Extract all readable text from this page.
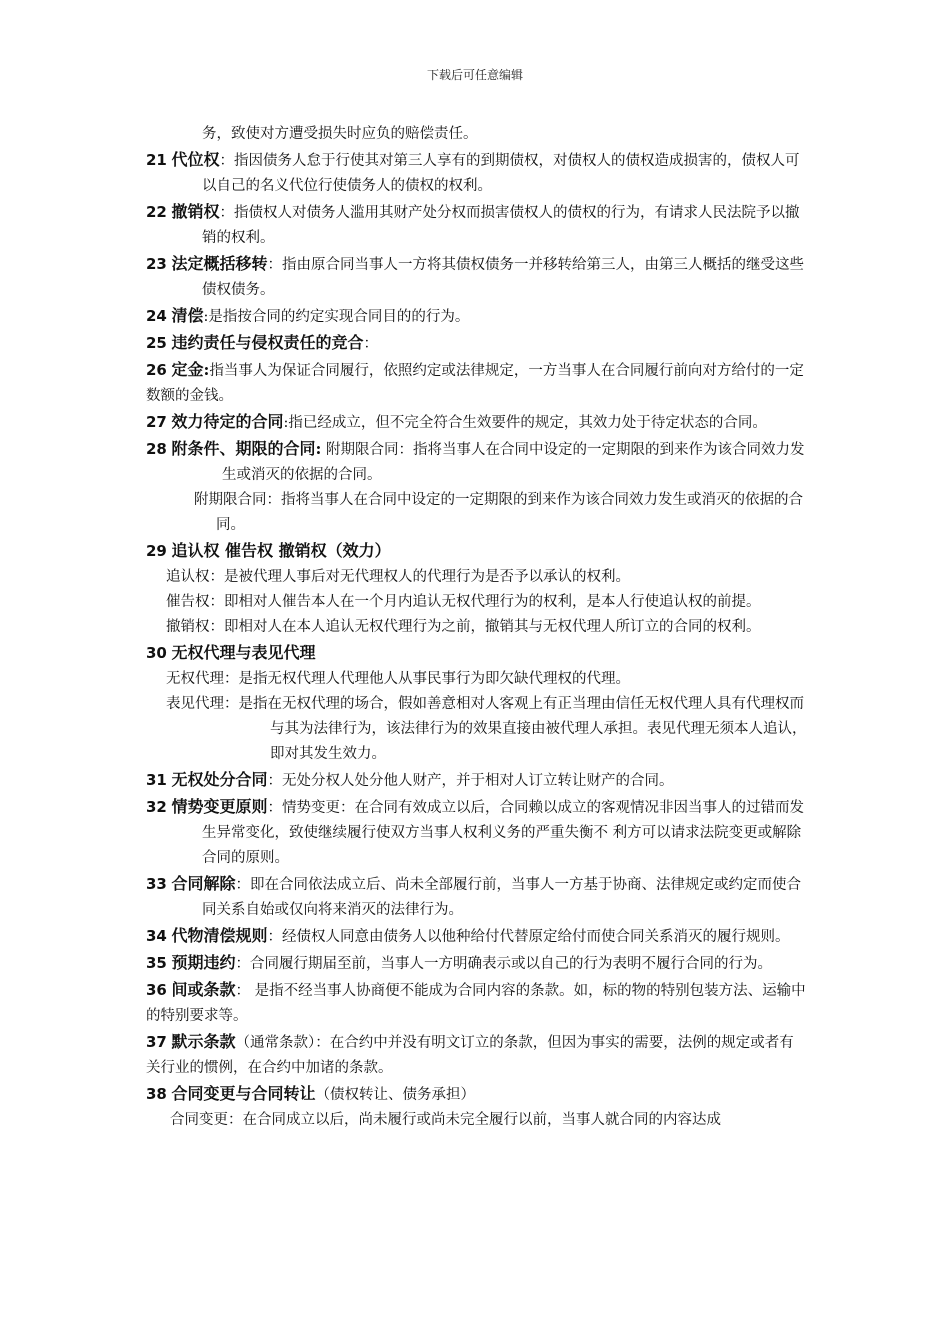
下载后可任意编辑

务，致使对方遭受损失时应负的赔偿责任。

21 代位权：指因债务人怠于行使其对第三人享有的到期债权，对债权人的债权造成损害的，债权人可以自己的名义代位行使债务人的债权的权利。

22 撤销权：指债权人对债务人滥用其财产处分权而损害债权人的债权的行为，有请求人民法院予以撤销的权利。

23 法定概括移转：指由原合同当事人一方将其债权债务一并移转给第三人，由第三人概括的继受这些债权债务。

24 清偿:是指按合同的约定实现合同目的的行为。

25 违约责任与侵权责任的竞合：

26 定金:指当事人为保证合同履行，依照约定或法律规定，一方当事人在合同履行前向对方给付的一定数额的金钱。

27 效力待定的合同:指已经成立，但不完全符合生效要件的规定，其效力处于待定状态的合同。

28 附条件、期限的合同: 附期限合同：指将当事人在合同中设定的一定期限的到来作为该合同效力发生或消灭的依据的合同。

附期限合同：指将当事人在合同中设定的一定期限的到来作为该合同效力发生或消灭的依据的合同。

29 追认权 催告权 撤销权（效力）

追认权：是被代理人事后对无代理权人的代理行为是否予以承认的权利。

催告权：即相对人催告本人在一个月内追认无权代理行为的权利，是本人行使追认权的前提。

撤销权：即相对人在本人追认无权代理行为之前，撤销其与无权代理人所订立的合同的权利。

30 无权代理与表见代理

无权代理：是指无权代理人代理他人从事民事行为即欠缺代理权的代理。

表见代理：是指在无权代理的场合，假如善意相对人客观上有正当理由信任无权代理人具有代理权而与其为法律行为，该法律行为的效果直接由被代理人承担。表见代理无须本人追认，即对其发生效力。

31 无权处分合同：无处分权人处分他人财产，并于相对人订立转让财产的合同。

32 情势变更原则：情势变更：在合同有效成立以后，合同赖以成立的客观情况非因当事人的过错而发生异常变化，致使继续履行使双方当事人权利义务的严重失衡不 利方可以请求法院变更或解除合同的原则。

33 合同解除：即在合同依法成立后、尚未全部履行前，当事人一方基于协商、法律规定或约定而使合同关系自始或仅向将来消灭的法律行为。

34 代物清偿规则：经债权人同意由债务人以他种给付代替原定给付而使合同关系消灭的履行规则。

35 预期违约：合同履行期届至前，当事人一方明确表示或以自己的行为表明不履行合同的行为。

36 间或条款： 是指不经当事人协商便不能成为合同内容的条款。如，标的物的特别包装方法、运输中的特别要求等。

37 默示条款（通常条款）：在合约中并没有明文订立的条款，但因为事实的需要，法例的规定或者有关行业的惯例，在合约中加诸的条款。

38 合同变更与合同转让（债权转让、债务承担）

合同变更：在合同成立以后，尚未履行或尚未完全履行以前，当事人就合同的内容达成
